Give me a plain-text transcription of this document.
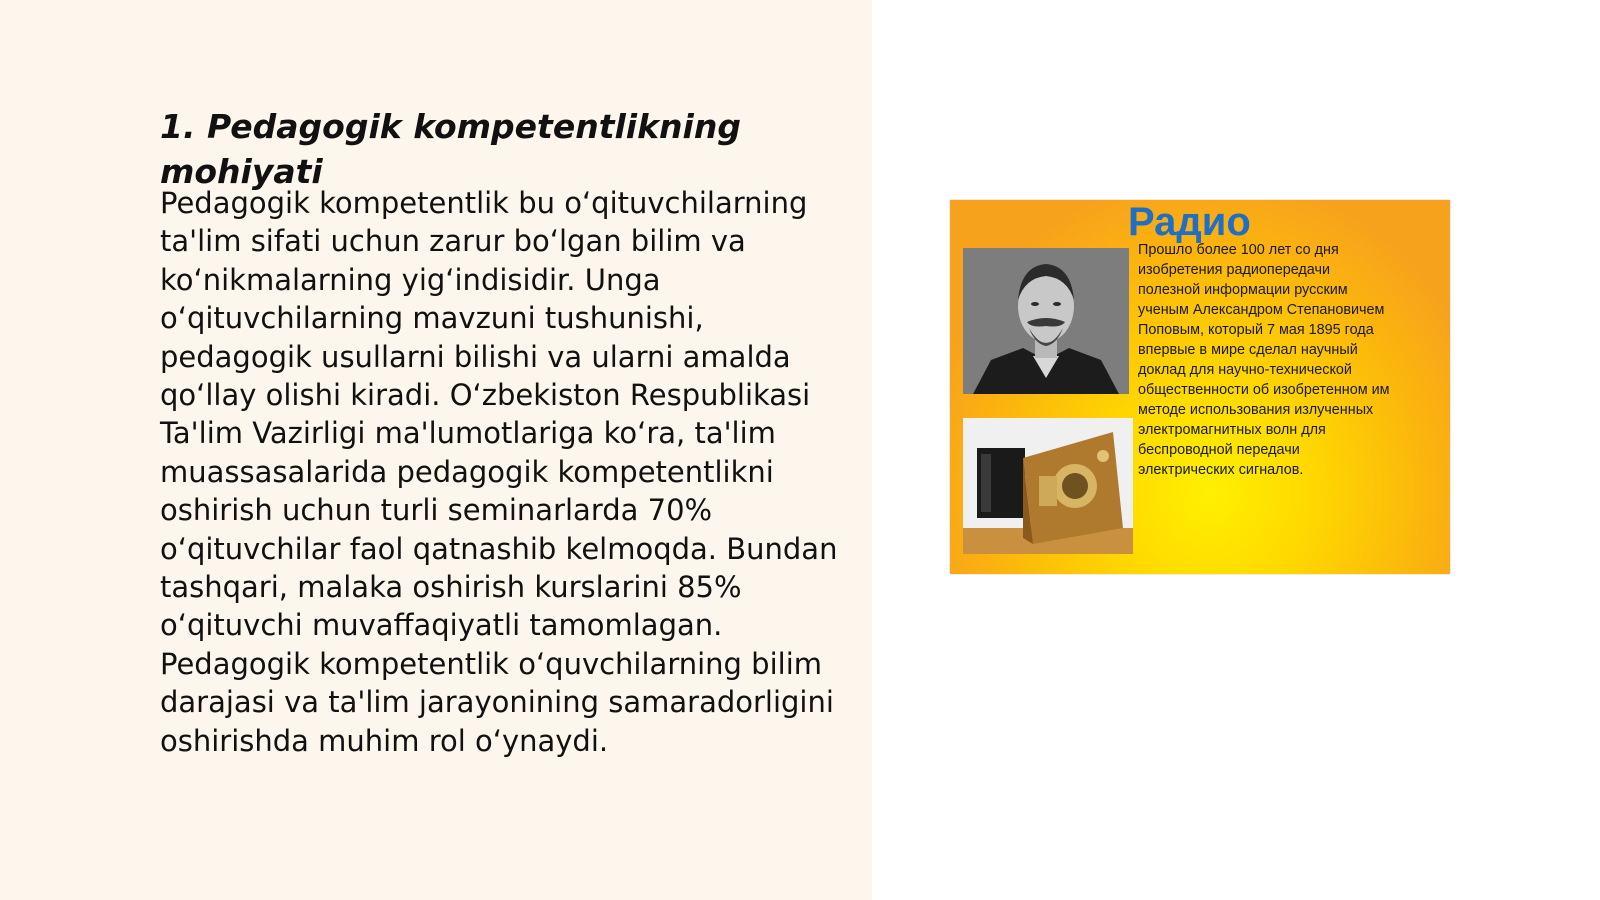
1. Pedagogik kompetentlikning mohiyati

Pedagogik kompetentlik bu o‘qituvchilarning ta'lim sifati uchun zarur bo‘lgan bilim va ko‘nikmalarning yig‘indisidir. Unga o‘qituvchilarning mavzuni tushunishi, pedagogik usullarni bilishi va ularni amalda qo‘llay olishi kiradi. O‘zbekiston Respublikasi Ta'lim Vazirligi ma'lumotlariga ko‘ra, ta'lim muassasalarida pedagogik kompetentlikni oshirish uchun turli seminarlarda 70% o‘qituvchilar faol qatnashib kelmoqda. Bundan tashqari, malaka oshirish kurslarini 85% o‘qituvchi muvaffaqiyatli tamomlagan. Pedagogik kompetentlik o‘quvchilarning bilim darajasi va ta'lim jarayonining samaradorligini oshirishda muhim rol o‘ynaydi.

Радио
Прошло более 100 лет со дня
изобретения радиопередачи
полезной информации русским
ученым Александром Степановичем
Поповым, который 7 мая 1895 года
впервые в мире сделал научный
доклад для научно-технической
общественности об изобретенном им
методе использования излученных
электромагнитных волн для
беспроводной передачи
электрических сигналов.
